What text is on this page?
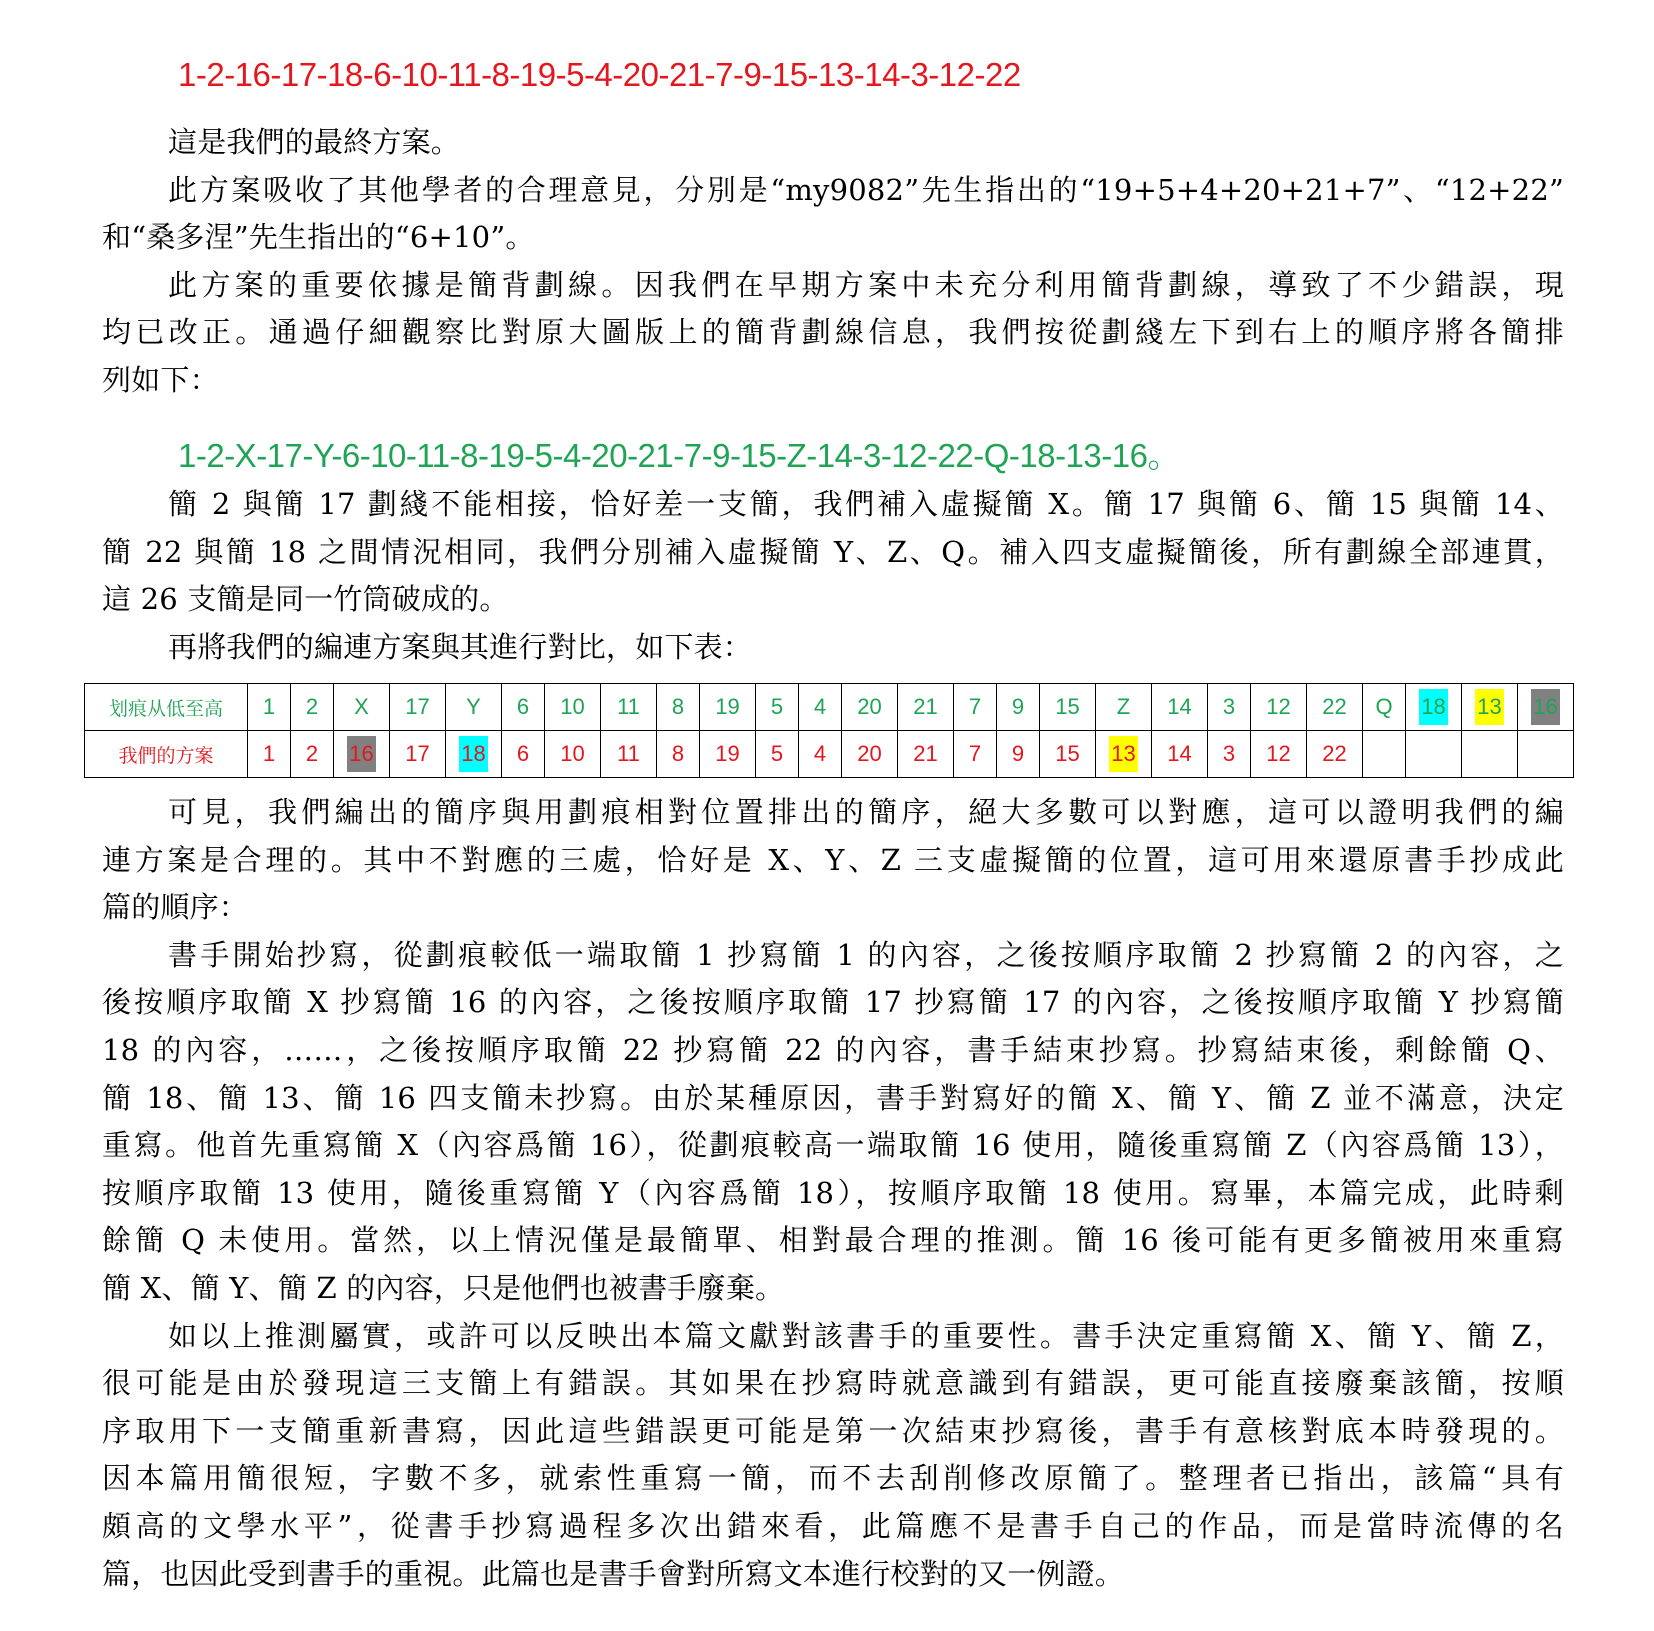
1-2-16-17-18-6-10-11-8-19-5-4-20-21-7-9-15-13-14-3-12-22
這是我們的最終方案。
此方案吸收了其他學者的合理意見，分別是“my9082”先生指出的“19+5+4+20+21+7”、“12+22”
和“桑多涅”先生指出的“6+10”。
此方案的重要依據是簡背劃線。因我們在早期方案中未充分利用簡背劃線，導致了不少錯誤，現
均已改正。通過仔細觀察比對原大圖版上的簡背劃線信息，我們按從劃綫左下到右上的順序將各簡排
列如下：
1-2-X-17-Y-6-10-11-8-19-5-4-20-21-7-9-15-Z-14-3-12-22-Q-18-13-16。
簡 2 與簡 17 劃綫不能相接，恰好差一支簡，我們補入虛擬簡 X。簡 17 與簡 6、簡 15 與簡 14、
簡 22 與簡 18 之間情況相同，我們分別補入虛擬簡 Y、Z、Q。補入四支虛擬簡後，所有劃線全部連貫，
這 26 支簡是同一竹筒破成的。
再將我們的編連方案與其進行對比，如下表：
划痕从低至高	1	2	X	17	Y	6	10	11	8	19	5	4	20	21	7	9	15	Z	14	3	12	22	Q	18	13	16
我們的方案	1	2	16	17	18	6	10	11	8	19	5	4	20	21	7	9	15	13	14	3	12	22				
可見，我們編出的簡序與用劃痕相對位置排出的簡序，絕大多數可以對應，這可以證明我們的編
連方案是合理的。其中不對應的三處，恰好是 X、Y、Z 三支虛擬簡的位置，這可用來還原書手抄成此
篇的順序：
書手開始抄寫，從劃痕較低一端取簡 1 抄寫簡 1 的內容，之後按順序取簡 2 抄寫簡 2 的內容，之
後按順序取簡 X 抄寫簡 16 的內容，之後按順序取簡 17 抄寫簡 17 的內容，之後按順序取簡 Y 抄寫簡
18 的內容，……，之後按順序取簡 22 抄寫簡 22 的內容，書手結束抄寫。抄寫結束後，剩餘簡 Q、
簡 18、簡 13、簡 16 四支簡未抄寫。由於某種原因，書手對寫好的簡 X、簡 Y、簡 Z 並不滿意，決定
重寫。他首先重寫簡 X（內容爲簡 16），從劃痕較高一端取簡 16 使用，隨後重寫簡 Z（內容爲簡 13），
按順序取簡 13 使用，隨後重寫簡 Y（內容爲簡 18），按順序取簡 18 使用。寫畢，本篇完成，此時剩
餘簡 Q 未使用。當然，以上情況僅是最簡單、相對最合理的推測。簡 16 後可能有更多簡被用來重寫
簡 X、簡 Y、簡 Z 的內容，只是他們也被書手廢棄。
如以上推測屬實，或許可以反映出本篇文獻對該書手的重要性。書手決定重寫簡 X、簡 Y、簡 Z，
很可能是由於發現這三支簡上有錯誤。其如果在抄寫時就意識到有錯誤，更可能直接廢棄該簡，按順
序取用下一支簡重新書寫，因此這些錯誤更可能是第一次結束抄寫後，書手有意核對底本時發現的。
因本篇用簡很短，字數不多，就索性重寫一簡，而不去刮削修改原簡了。整理者已指出，該篇“具有
頗高的文學水平”，從書手抄寫過程多次出錯來看，此篇應不是書手自己的作品，而是當時流傳的名
篇，也因此受到書手的重視。此篇也是書手會對所寫文本進行校對的又一例證。
